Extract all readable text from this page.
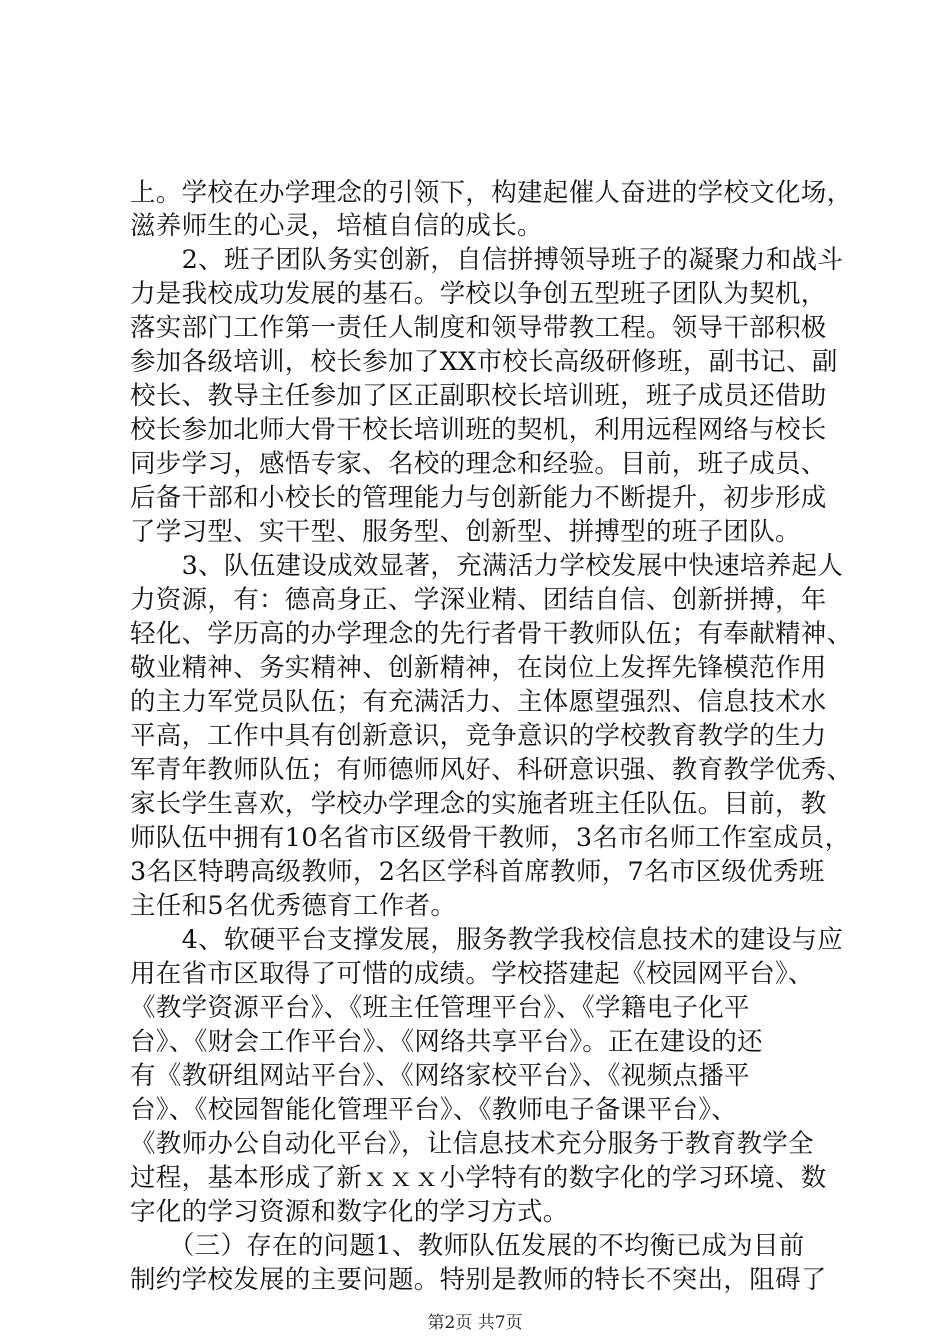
上。学校在办学理念的引领下，构建起催人奋进的学校文化场，
滋养师生的心灵，培植自信的成长。
　　2、班子团队务实创新，自信拼搏领导班子的凝聚力和战斗
力是我校成功发展的基石。学校以争创五型班子团队为契机，
落实部门工作第一责任人制度和领导带教工程。领导干部积极
参加各级培训，校长参加了XX市校长高级研修班，副书记、副
校长、教导主任参加了区正副职校长培训班，班子成员还借助
校长参加北师大骨干校长培训班的契机，利用远程网络与校长
同步学习，感悟专家、名校的理念和经验。目前，班子成员、
后备干部和小校长的管理能力与创新能力不断提升，初步形成
了学习型、实干型、服务型、创新型、拼搏型的班子团队。
　　3、队伍建设成效显著，充满活力学校发展中快速培养起人
力资源，有：德高身正、学深业精、团结自信、创新拼搏，年
轻化、学历高的办学理念的先行者骨干教师队伍；有奉献精神、
敬业精神、务实精神、创新精神，在岗位上发挥先锋模范作用
的主力军党员队伍；有充满活力、主体愿望强烈、信息技术水
平高，工作中具有创新意识，竞争意识的学校教育教学的生力
军青年教师队伍；有师德师风好、科研意识强、教育教学优秀、
家长学生喜欢，学校办学理念的实施者班主任队伍。目前，教
师队伍中拥有10名省市区级骨干教师，3名市名师工作室成员，
3名区特聘高级教师，2名区学科首席教师，7名市区级优秀班
主任和5名优秀德育工作者。
　　4、软硬平台支撑发展，服务教学我校信息技术的建设与应
用在省市区取得了可惜的成绩。学校搭建起《校园网平台》、
《教学资源平台》、《班主任管理平台》、《学籍电子化平
台》、《财会工作平台》、《网络共享平台》。正在建设的还
有《教研组网站平台》、《网络家校平台》、《视频点播平
台》、《校园智能化管理平台》、《教师电子备课平台》、
《教师办公自动化平台》，让信息技术充分服务于教育教学全
过程，基本形成了新ｘｘｘ小学特有的数字化的学习环境、数
字化的学习资源和数字化的学习方式。
　　（三）存在的问题1、教师队伍发展的不均衡已成为目前
制约学校发展的主要问题。特别是教师的特长不突出，阻碍了
第2页 共7页
